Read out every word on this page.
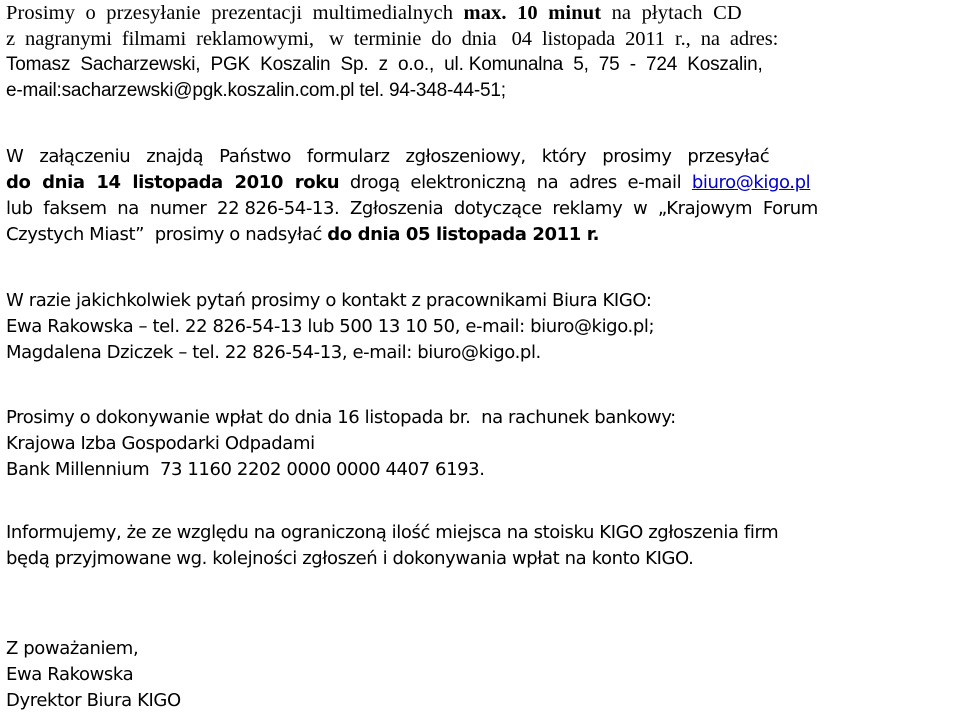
Prosimy  o  przesyłanie  prezentacji  multimedialnych  max.  10  minut  na  płytach  CD
z  nagranymi  filmami  reklamowymi,   w  terminie  do  dnia   04  listopada  2011  r.,  na  adres:
Tomasz  Sacharzewski,  PGK  Koszalin  Sp.  z  o.o.,  ul. Komunalna  5,  75  -  724  Koszalin,
e-mail:sacharzewski@pgk.koszalin.com.pl tel. 94-348-44-51;
W   załączeniu   znajdą   Państwo   formularz   zgłoszeniowy,   który   prosimy   przesyłać
do  dnia  14  listopada  2010  roku  drogą  elektroniczną  na  adres  e-mail  biuro@kigo.pl
lub  faksem  na  numer  22 826-54-13.  Zgłoszenia  dotyczące  reklamy  w  „Krajowym  Forum
Czystych Miast”  prosimy o nadsyłać do dnia 05 listopada 2011 r.
W razie jakichkolwiek pytań prosimy o kontakt z pracownikami Biura KIGO:
Ewa Rakowska – tel. 22 826-54-13 lub 500 13 10 50, e-mail: biuro@kigo.pl;
Magdalena Dziczek – tel. 22 826-54-13, e-mail: biuro@kigo.pl.
Prosimy o dokonywanie wpłat do dnia 16 listopada br.  na rachunek bankowy:
Krajowa Izba Gospodarki Odpadami
Bank Millennium  73 1160 2202 0000 0000 4407 6193.
Informujemy, że ze względu na ograniczoną ilość miejsca na stoisku KIGO zgłoszenia firm
będą przyjmowane wg. kolejności zgłoszeń i dokonywania wpłat na konto KIGO.
Z poważaniem,
Ewa Rakowska
Dyrektor Biura KIGO
